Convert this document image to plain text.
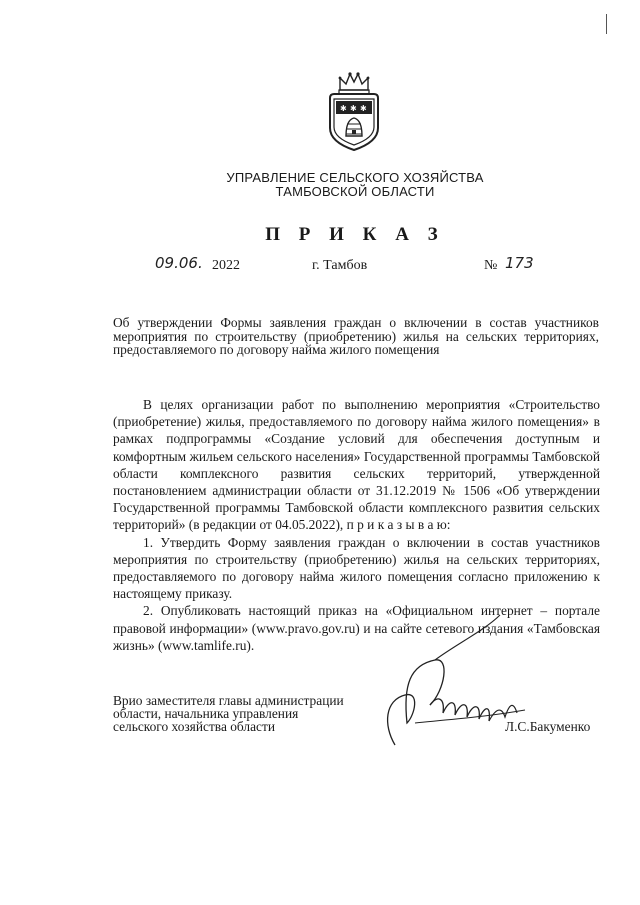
✱ ✱ ✱
УПРАВЛЕНИЕ СЕЛЬСКОГО ХОЗЯЙСТВА
ТАМБОВСКОЙ ОБЛАСТИ
П Р И К А З
09.06. 2022	г. Тамбов	№ 173
Об утверждении Формы заявления граждан о включении в состав участников мероприятия по строительству (приобретению) жилья на сельских территориях, предоставляемого по договору найма жилого помещения

В целях организации работ по выполнению мероприятия «Строительство (приобретение) жилья, предоставляемого по договору найма жилого помещения» в рамках подпрограммы «Создание условий для обеспечения доступным и комфортным жильем сельского населения» Государственной программы Тамбовской области комплексного развития сельских территорий, утвержденной постановлением администрации области от 31.12.2019 № 1506 «Об утверждении Государственной программы Тамбовской области комплексного развития сельских территорий» (в редакции от 04.05.2022), п р и к а з ы в а ю:

1. Утвердить Форму заявления граждан о включении в состав участников мероприятия по строительству (приобретению) жилья на сельских территориях, предоставляемого по договору найма жилого помещения согласно приложению к настоящему приказу.

2. Опубликовать настоящий приказ на «Официальном интернет – портале правовой информации» (www.pravo.gov.ru) и на сайте сетевого издания «Тамбовская жизнь» (www.tamlife.ru).

Врио заместителя главы администрации
области, начальника управления
сельского хозяйства области	Л.С.Бакуменко
